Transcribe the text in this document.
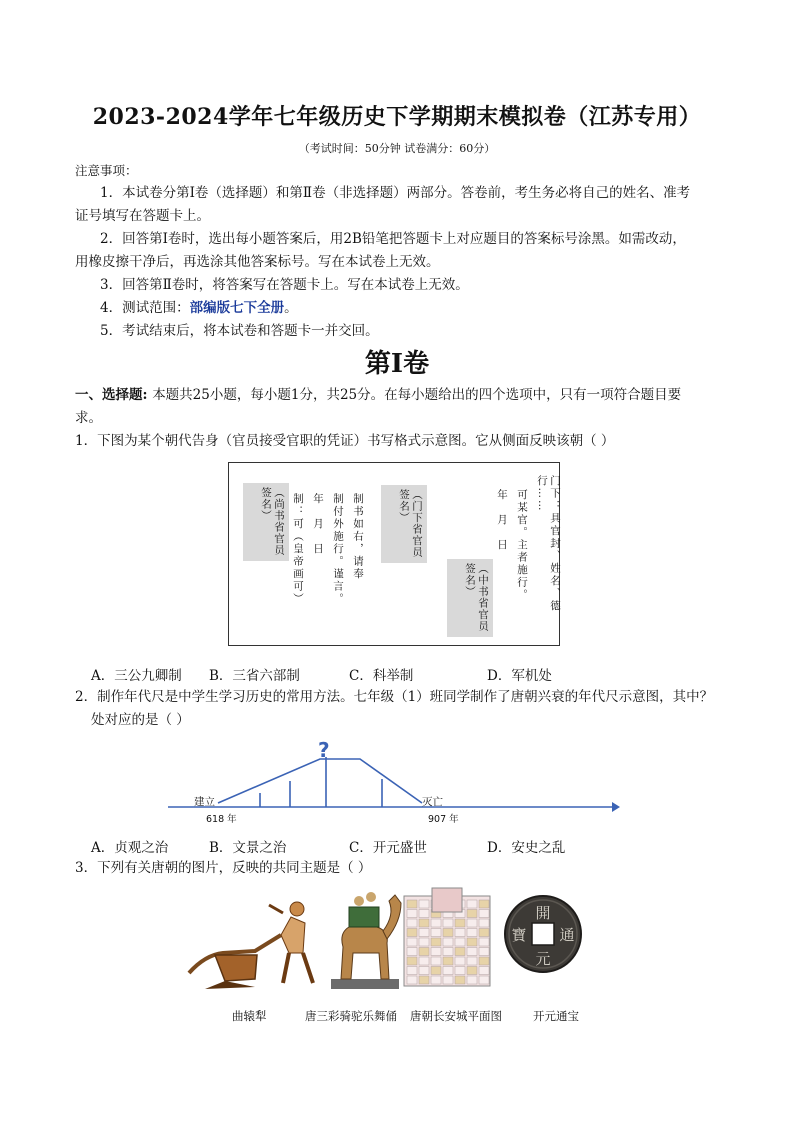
2023-2024学年七年级历史下学期期末模拟卷（江苏专用）
（考试时间：50分钟 试卷满分：60分）
注意事项：
1．本试卷分第Ⅰ卷（选择题）和第Ⅱ卷（非选择题）两部分。答卷前，考生务必将自己的姓名、准考
证号填写在答题卡上。
2．回答第Ⅰ卷时，选出每小题答案后，用2B铅笔把答题卡上对应题目的答案标号涂黑。如需改动，
用橡皮擦干净后，再选涂其他答案标号。写在本试卷上无效。
3．回答第Ⅱ卷时，将答案写在答题卡上。写在本试卷上无效。
4．测试范围：部编版七下全册。
5．考试结束后，将本试卷和答题卡一并交回。
第Ⅰ卷
一、选择题: 本题共25小题，每小题1分，共25分。在每小题给出的四个选项中，只有一项符合题目要
求。
1．下图为某个朝代告身（官员接受官职的凭证）书写格式示意图。它从侧面反映该朝（ ）
门下：具官封、姓名、德行……
可某官。主者施行。
年　月　日
（中书省官员签名）
（门下省官员签名）
制书如右，请奉
制付外施行。谨言。
年　月　日
制：可（皇帝画可）
（尚书省官员签名）
A．三公九卿制 B．三省六部制	C．科举制	D．军机处
2．制作年代尺是中学生学习历史的常用方法。七年级（1）班同学制作了唐朝兴衰的年代尺示意图，其中？
处对应的是（ ）
?
建立
618 年
灭亡
907 年
A．贞观之治	B．文景之治	C．开元盛世	D．安史之乱
3．下列有关唐朝的图片，反映的共同主题是（ ）
開
通
元
寶
曲辕犁	唐三彩骑驼乐舞俑 唐朝长安城平面图	开元通宝
